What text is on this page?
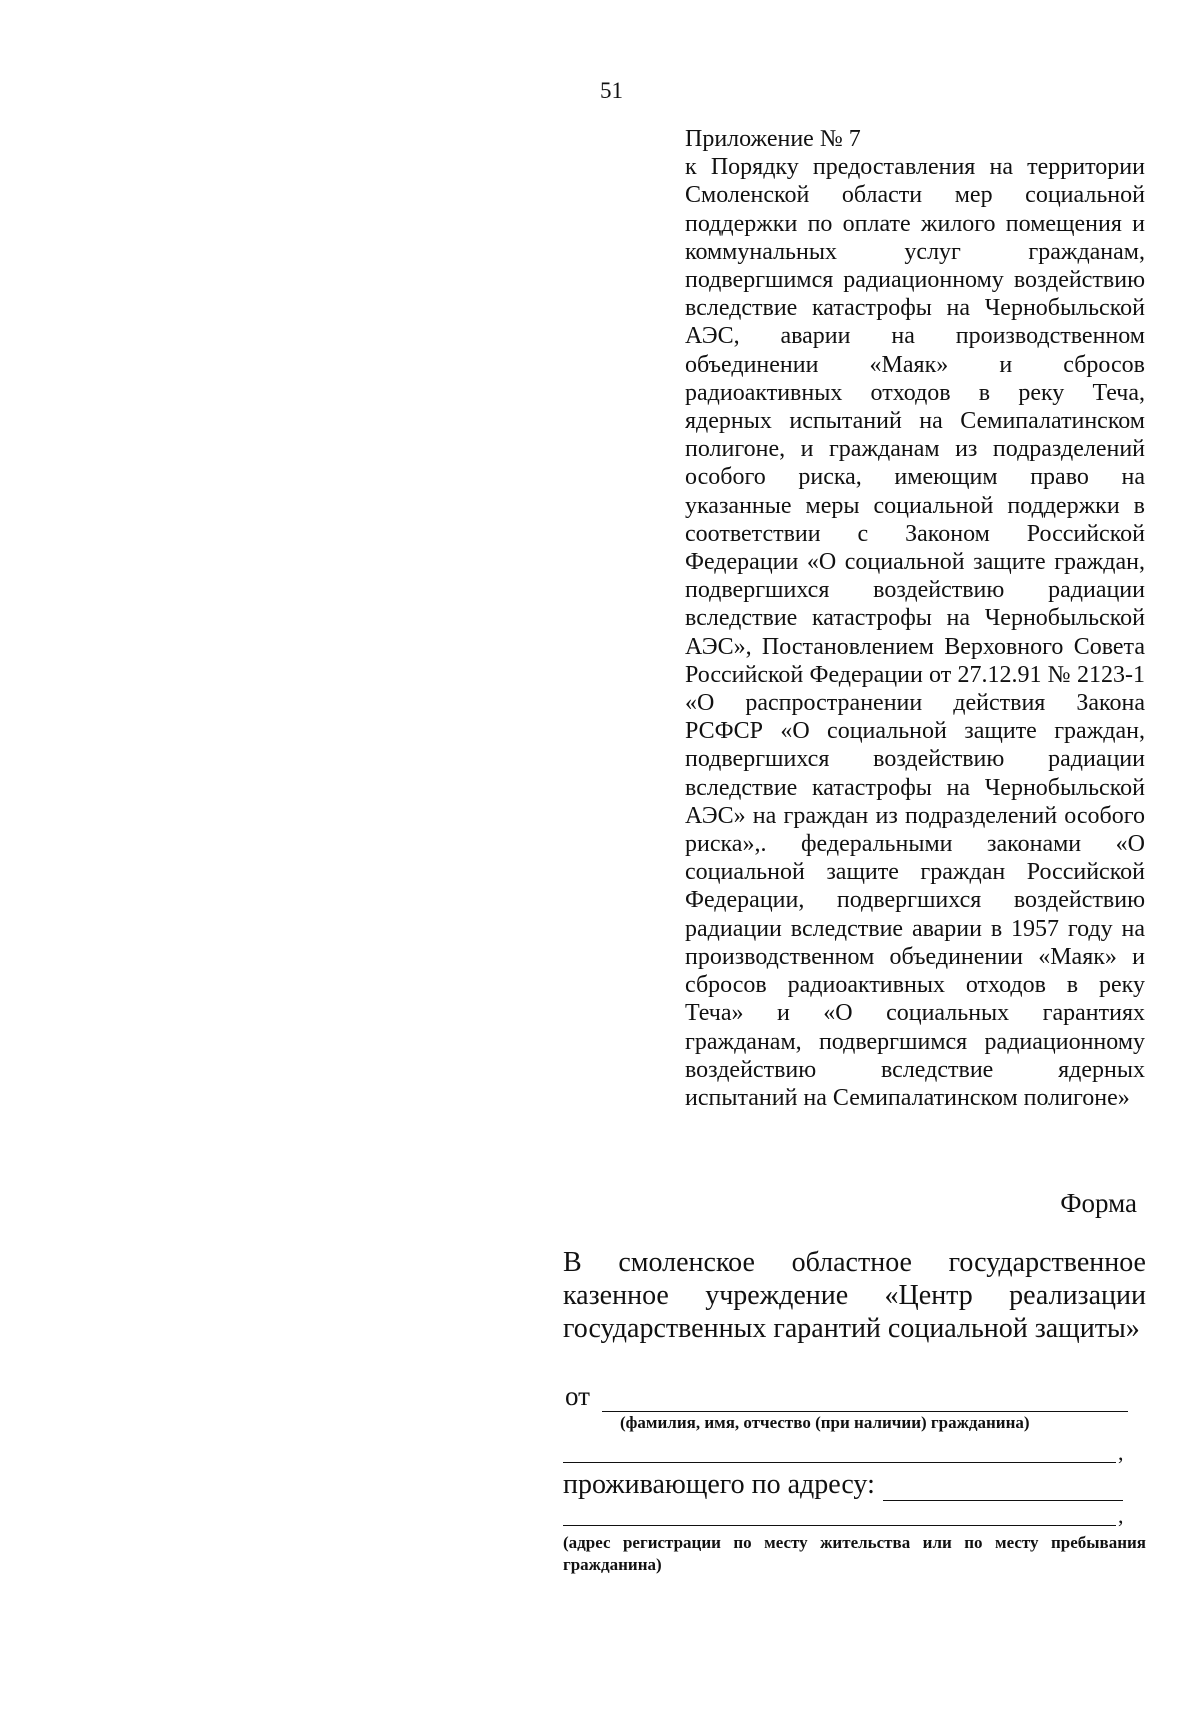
51

Приложение № 7

к Порядку предоставления на территории Смоленской области мер социальной поддержки по оплате жилого помещения и коммунальных услуг гражданам, подвергшимся радиационному воздействию вследствие катастрофы на Чернобыльской АЭС, аварии на производственном объединении «Маяк» и сбросов радиоактивных отходов в реку Теча, ядерных испытаний на Семипалатинском полигоне, и гражданам из подразделений особого риска, имеющим право на указанные меры социальной поддержки в соответствии с Законом Российской Федерации «О социальной защите граждан, подвергшихся воздействию радиации вследствие катастрофы на Чернобыльской АЭС», Постановлением Верховного Совета Российской Федерации от 27.12.91 № 2123-1 «О распространении действия Закона РСФСР «О социальной защите граждан, подвергшихся воздействию радиации вследствие катастрофы на Чернобыльской АЭС» на граждан из подразделений особого риска»,. федеральными законами «О социальной защите граждан Российской Федерации, подвергшихся воздействию радиации вследствие аварии в 1957 году на производственном объединении «Маяк» и сбросов радиоактивных отходов в реку Теча» и «О социальных гарантиях гражданам, подвергшимся радиационному воздействию вследствие ядерных испытаний на Семипалатинском полигоне»

Форма

В смоленское областное государственное казенное учреждение «Центр реализации государственных гарантий социальной защиты»

от
(фамилия, имя, отчество (при наличии) гражданина)
,
проживающего по адресу:
,

(адрес регистрации по месту жительства или по месту пребывания гражданина)
